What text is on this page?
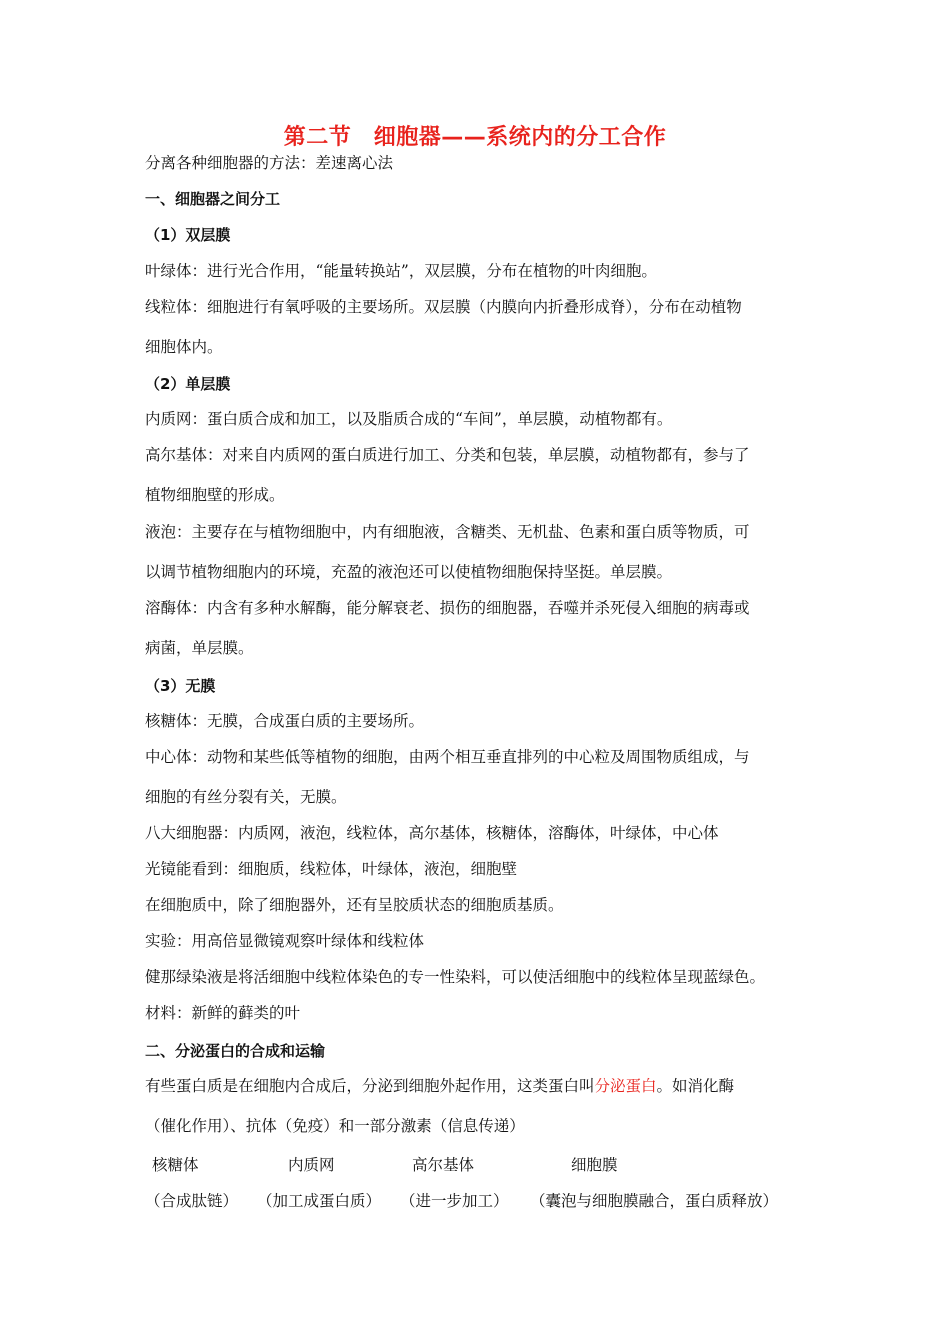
第二节　细胞器——系统内的分工合作
分离各种细胞器的方法：差速离心法
一、细胞器之间分工
（1）双层膜
叶绿体：进行光合作用，“能量转换站”，双层膜，分布在植物的叶肉细胞。
线粒体：细胞进行有氧呼吸的主要场所。双层膜（内膜向内折叠形成脊），分布在动植物
细胞体内。
（2）单层膜
内质网：蛋白质合成和加工，以及脂质合成的“车间”，单层膜，动植物都有。
高尔基体：对来自内质网的蛋白质进行加工、分类和包装，单层膜，动植物都有，参与了
植物细胞壁的形成。
液泡：主要存在与植物细胞中，内有细胞液，含糖类、无机盐、色素和蛋白质等物质，可
以调节植物细胞内的环境，充盈的液泡还可以使植物细胞保持坚挺。单层膜。
溶酶体：内含有多种水解酶，能分解衰老、损伤的细胞器，吞噬并杀死侵入细胞的病毒或
病菌，单层膜。
（3）无膜
核糖体：无膜，合成蛋白质的主要场所。
中心体：动物和某些低等植物的细胞，由两个相互垂直排列的中心粒及周围物质组成，与
细胞的有丝分裂有关，无膜。
八大细胞器：内质网，液泡，线粒体，高尔基体，核糖体，溶酶体，叶绿体，中心体
光镜能看到：细胞质，线粒体，叶绿体，液泡，细胞壁
在细胞质中，除了细胞器外，还有呈胶质状态的细胞质基质。
实验：用高倍显微镜观察叶绿体和线粒体
健那绿染液是将活细胞中线粒体染色的专一性染料，可以使活细胞中的线粒体呈现蓝绿色。
材料：新鲜的藓类的叶
二、分泌蛋白的合成和运输
有些蛋白质是在细胞内合成后，分泌到细胞外起作用，这类蛋白叫分泌蛋白。如消化酶
（催化作用）、抗体（免疫）和一部分激素（信息传递）
核糖体	内质网	高尔基体	细胞膜
（合成肽链） （加工成蛋白质） （进一步加工） （囊泡与细胞膜融合，蛋白质释放）
